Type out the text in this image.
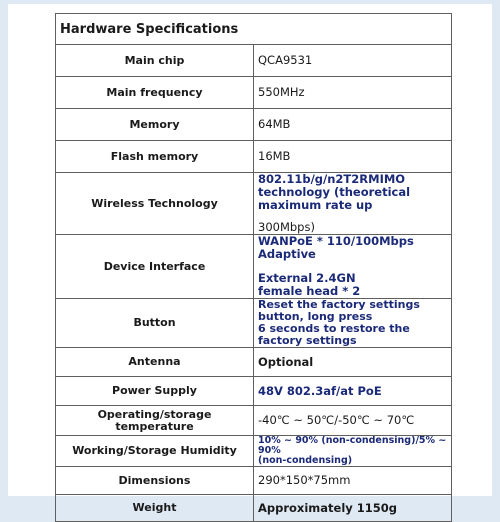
Hardware Specifications	
Main chip	QCA9531
Main frequency	550MHz
Memory	64MB
Flash memory	16MB
Wireless Technology	802.11b/g/n2T2RMIMO technology (theoretical maximum rate up
300Mbps)

Device Interface	WANPoE * 110/100Mbps Adaptive
External 2.4GN
female head * 2

Button	Reset the factory settings button, long press
6 seconds to restore the factory settings
Antenna	Optional
Power Supply	48V 802.3af/at PoE
Operating/storage temperature	-40℃ ~ 50℃/-50℃ ~ 70℃
Working/Storage Humidity	10% ~ 90% (non-condensing)/5% ~ 90%
(non-condensing)
Dimensions	290*150*75mm
Weight	Approximately 1150g
